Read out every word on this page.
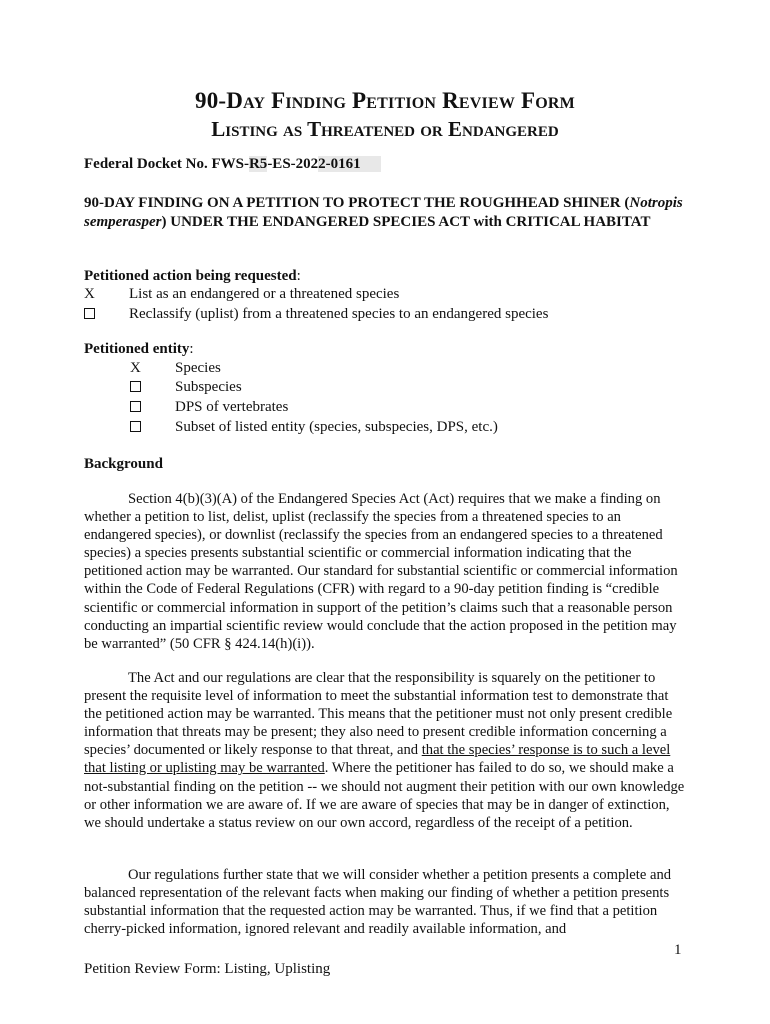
90-Day Finding Petition Review Form
Listing as Threatened or Endangered
Federal Docket No. FWS-R5-ES-2022-0161
90-DAY FINDING ON A PETITION TO PROTECT THE ROUGHHEAD SHINER (Notropis semperasper) UNDER THE ENDANGERED SPECIES ACT with CRITICAL HABITAT
Petitioned action being requested:
X List as an endangered or a threatened species
Reclassify (uplist) from a threatened species to an endangered species
Petitioned entity:
X Species
Subspecies
DPS of vertebrates
Subset of listed entity (species, subspecies, DPS, etc.)
Background

Section 4(b)(3)(A) of the Endangered Species Act (Act) requires that we make a finding on whether a petition to list, delist, uplist (reclassify the species from a threatened species to an endangered species), or downlist (reclassify the species from an endangered species to a threatened species) a species presents substantial scientific or commercial information indicating that the petitioned action may be warranted. Our standard for substantial scientific or commercial information within the Code of Federal Regulations (CFR) with regard to a 90-day petition finding is “credible scientific or commercial information in support of the petition’s claims such that a reasonable person conducting an impartial scientific review would conclude that the action proposed in the petition may be warranted” (50 CFR § 424.14(h)(i)).

The Act and our regulations are clear that the responsibility is squarely on the petitioner to present the requisite level of information to meet the substantial information test to demonstrate that the petitioned action may be warranted. This means that the petitioner must not only present credible information that threats may be present; they also need to present credible information concerning a species’ documented or likely response to that threat, and that the species’ response is to such a level that listing or uplisting may be warranted. Where the petitioner has failed to do so, we should make a not-substantial finding on the petition -- we should not augment their petition with our own knowledge or other information we are aware of. If we are aware of species that may be in danger of extinction, we should undertake a status review on our own accord, regardless of the receipt of a petition.

Our regulations further state that we will consider whether a petition presents a complete and balanced representation of the relevant facts when making our finding of whether a petition presents substantial information that the requested action may be warranted. Thus, if we find that a petition cherry-picked information, ignored relevant and readily available information, and

1
Petition Review Form: Listing, Uplisting
